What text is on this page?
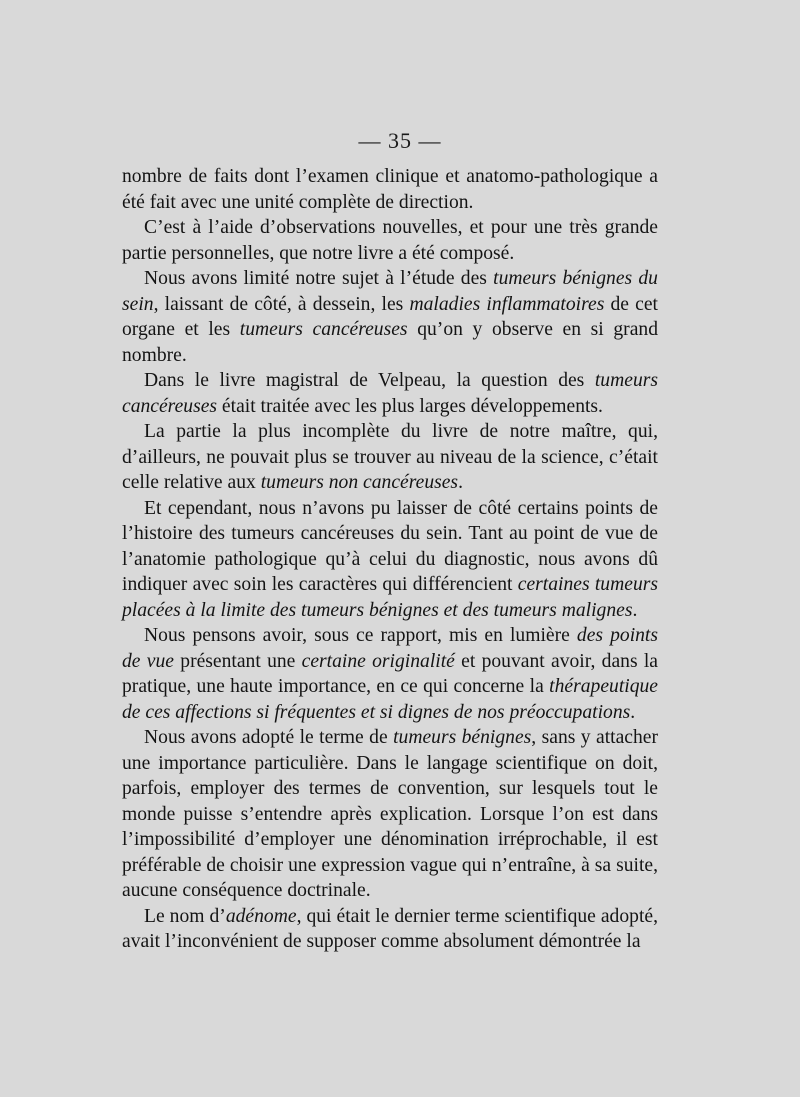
— 35 —

nombre de faits dont l’examen clinique et anatomo-pathologique a été fait avec une unité complète de direction.

C’est à l’aide d’observations nouvelles, et pour une très grande partie personnelles, que notre livre a été composé.

Nous avons limité notre sujet à l’étude des tumeurs bénignes du sein, laissant de côté, à dessein, les maladies inflammatoires de cet organe et les tumeurs cancéreuses qu’on y observe en si grand nombre.

Dans le livre magistral de Velpeau, la question des tumeurs cancéreuses était traitée avec les plus larges développements.

La partie la plus incomplète du livre de notre maître, qui, d’ailleurs, ne pouvait plus se trouver au niveau de la science, c’était celle relative aux tumeurs non cancéreuses.

Et cependant, nous n’avons pu laisser de côté certains points de l’histoire des tumeurs cancéreuses du sein. Tant au point de vue de l’anatomie pathologique qu’à celui du diagnostic, nous avons dû indiquer avec soin les caractères qui différencient certaines tumeurs placées à la limite des tumeurs bénignes et des tumeurs malignes.

Nous pensons avoir, sous ce rapport, mis en lumière des points de vue présentant une certaine originalité et pouvant avoir, dans la pratique, une haute importance, en ce qui concerne la thérapeutique de ces affections si fréquentes et si dignes de nos préoccupations.

Nous avons adopté le terme de tumeurs bénignes, sans y attacher une importance particulière. Dans le langage scientifique on doit, parfois, employer des termes de convention, sur lesquels tout le monde puisse s’entendre après explication. Lorsque l’on est dans l’impossibilité d’employer une dénomination irréprochable, il est préférable de choisir une expression vague qui n’entraîne, à sa suite, aucune conséquence doctrinale.

Le nom d’adénome, qui était le dernier terme scientifique adopté, avait l’inconvénient de supposer comme absolument démontrée la
